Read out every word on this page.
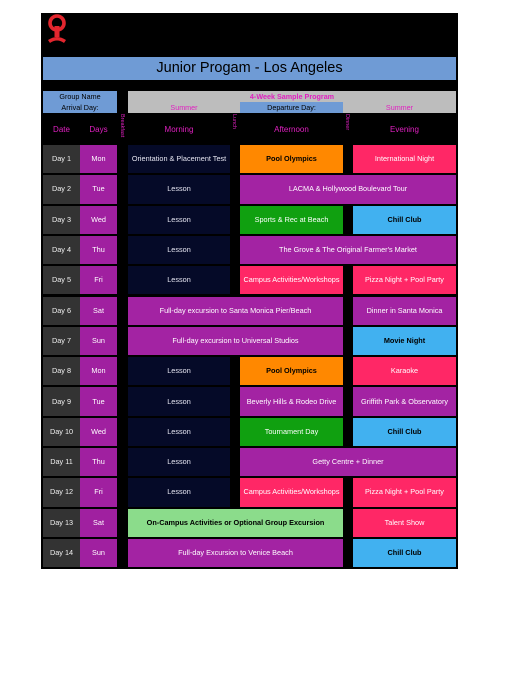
Junior Progam - Los Angeles
Group Name	4-Week Sample Program
Arrival Day:	Summer	Departure Day:	Summer
Date	Days	Breakfast	Morning	Lunch	Afternoon	Dinner	Evening
Day 1	Mon	Orientation & Placement Test	Pool Olympics	International Night
Day 2	Tue	Lesson	LACMA & Hollywood Boulevard Tour
Day 3	Wed	Lesson	Sports & Rec at Beach	Chill Club
Day 4	Thu	Lesson	The Grove & The Original Farmer's Market
Day 5	Fri	Lesson	Campus Activities/Workshops	Pizza Night + Pool Party
Day 6	Sat	Full-day excursion to Santa Monica Pier/Beach	Dinner in Santa Monica
Day 7	Sun	Full-day excursion to Universal Studios	Movie Night
Day 8	Mon	Lesson	Pool Olympics	Karaoke
Day 9	Tue	Lesson	Beverly Hills & Rodeo Drive	Griffith Park & Observatory
Day 10	Wed	Lesson	Tournament Day	Chill Club
Day 11	Thu	Lesson	Getty Centre + Dinner
Day 12	Fri	Lesson	Campus Activities/Workshops	Pizza Night + Pool Party
Day 13	Sat	On-Campus Activities or Optional Group Excursion	Talent Show
Day 14	Sun	Full-day Excursion to Venice Beach	Chill Club
